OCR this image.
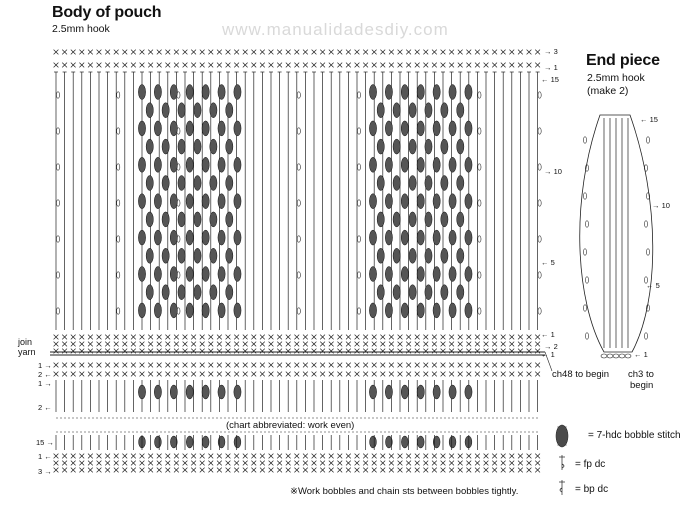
www.manualidadesdiy.com
Body of pouch
2.5mm hook
End piece
2.5mm hook
(make 2)
join
yarn
→ 3
→ 1
← 15
→ 10
← 5
← 1
→ 2
← 1
1 →
2 ←
1 →
2 ←
15 →
1 ←
3 →
ch48 to begin
(chart abbreviated: work even)
※Work bobbles and chain sts between bobbles tightly.
← 15
→ 10
← 5
← 1
ch3 to
begin
= 7-hdc bobble stitch
= fp dc
= bp dc
